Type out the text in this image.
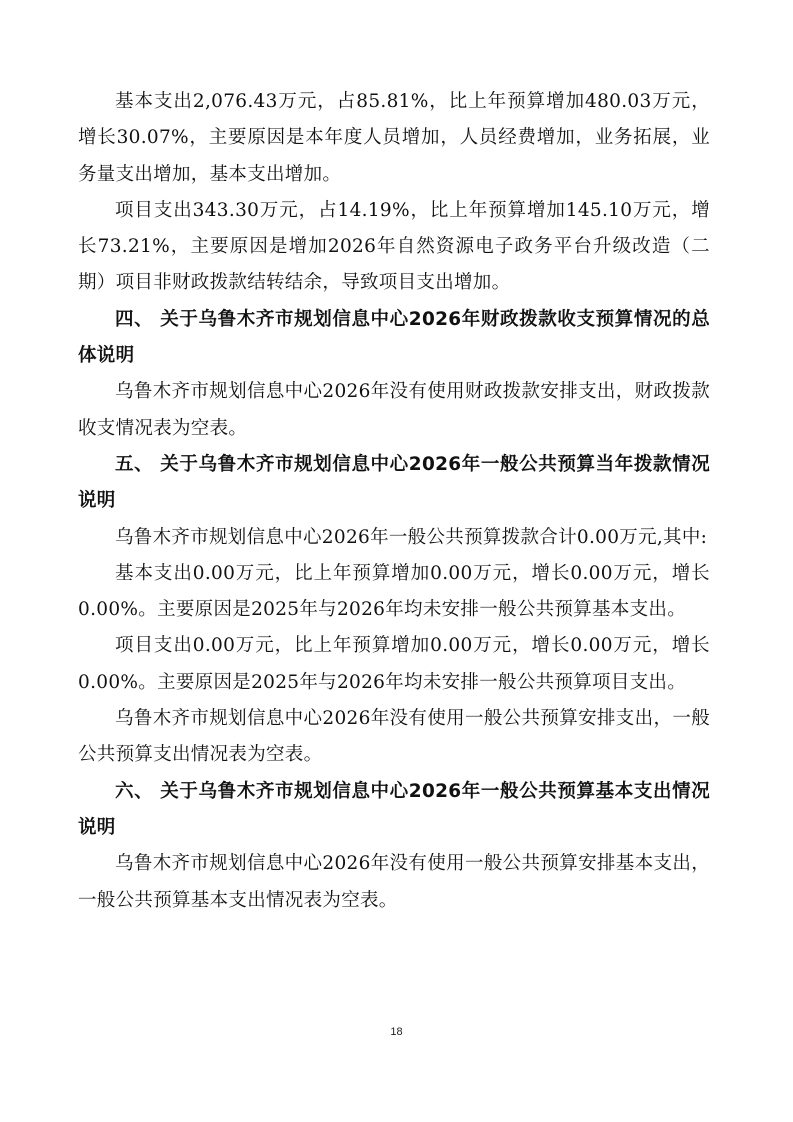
基本支出2,076.43万元，占85.81%，比上年预算增加480.03万元，增长30.07%，主要原因是本年度人员增加，人员经费增加，业务拓展，业务量支出增加，基本支出增加。

项目支出343.30万元，占14.19%，比上年预算增加145.10万元，增长73.21%，主要原因是增加2026年自然资源电子政务平台升级改造（二期）项目非财政拨款结转结余，导致项目支出增加。

四、 关于乌鲁木齐市规划信息中心2026年财政拨款收支预算情况的总体说明

乌鲁木齐市规划信息中心2026年没有使用财政拨款安排支出，财政拨款收支情况表为空表。

五、 关于乌鲁木齐市规划信息中心2026年一般公共预算当年拨款情况说明

乌鲁木齐市规划信息中心2026年一般公共预算拨款合计0.00万元,其中:

基本支出0.00万元，比上年预算增加0.00万元，增长0.00万元，增长0.00%。主要原因是2025年与2026年均未安排一般公共预算基本支出。

项目支出0.00万元，比上年预算增加0.00万元，增长0.00万元，增长0.00%。主要原因是2025年与2026年均未安排一般公共预算项目支出。

乌鲁木齐市规划信息中心2026年没有使用一般公共预算安排支出，一般公共预算支出情况表为空表。

六、 关于乌鲁木齐市规划信息中心2026年一般公共预算基本支出情况说明

乌鲁木齐市规划信息中心2026年没有使用一般公共预算安排基本支出，一般公共预算基本支出情况表为空表。

18
